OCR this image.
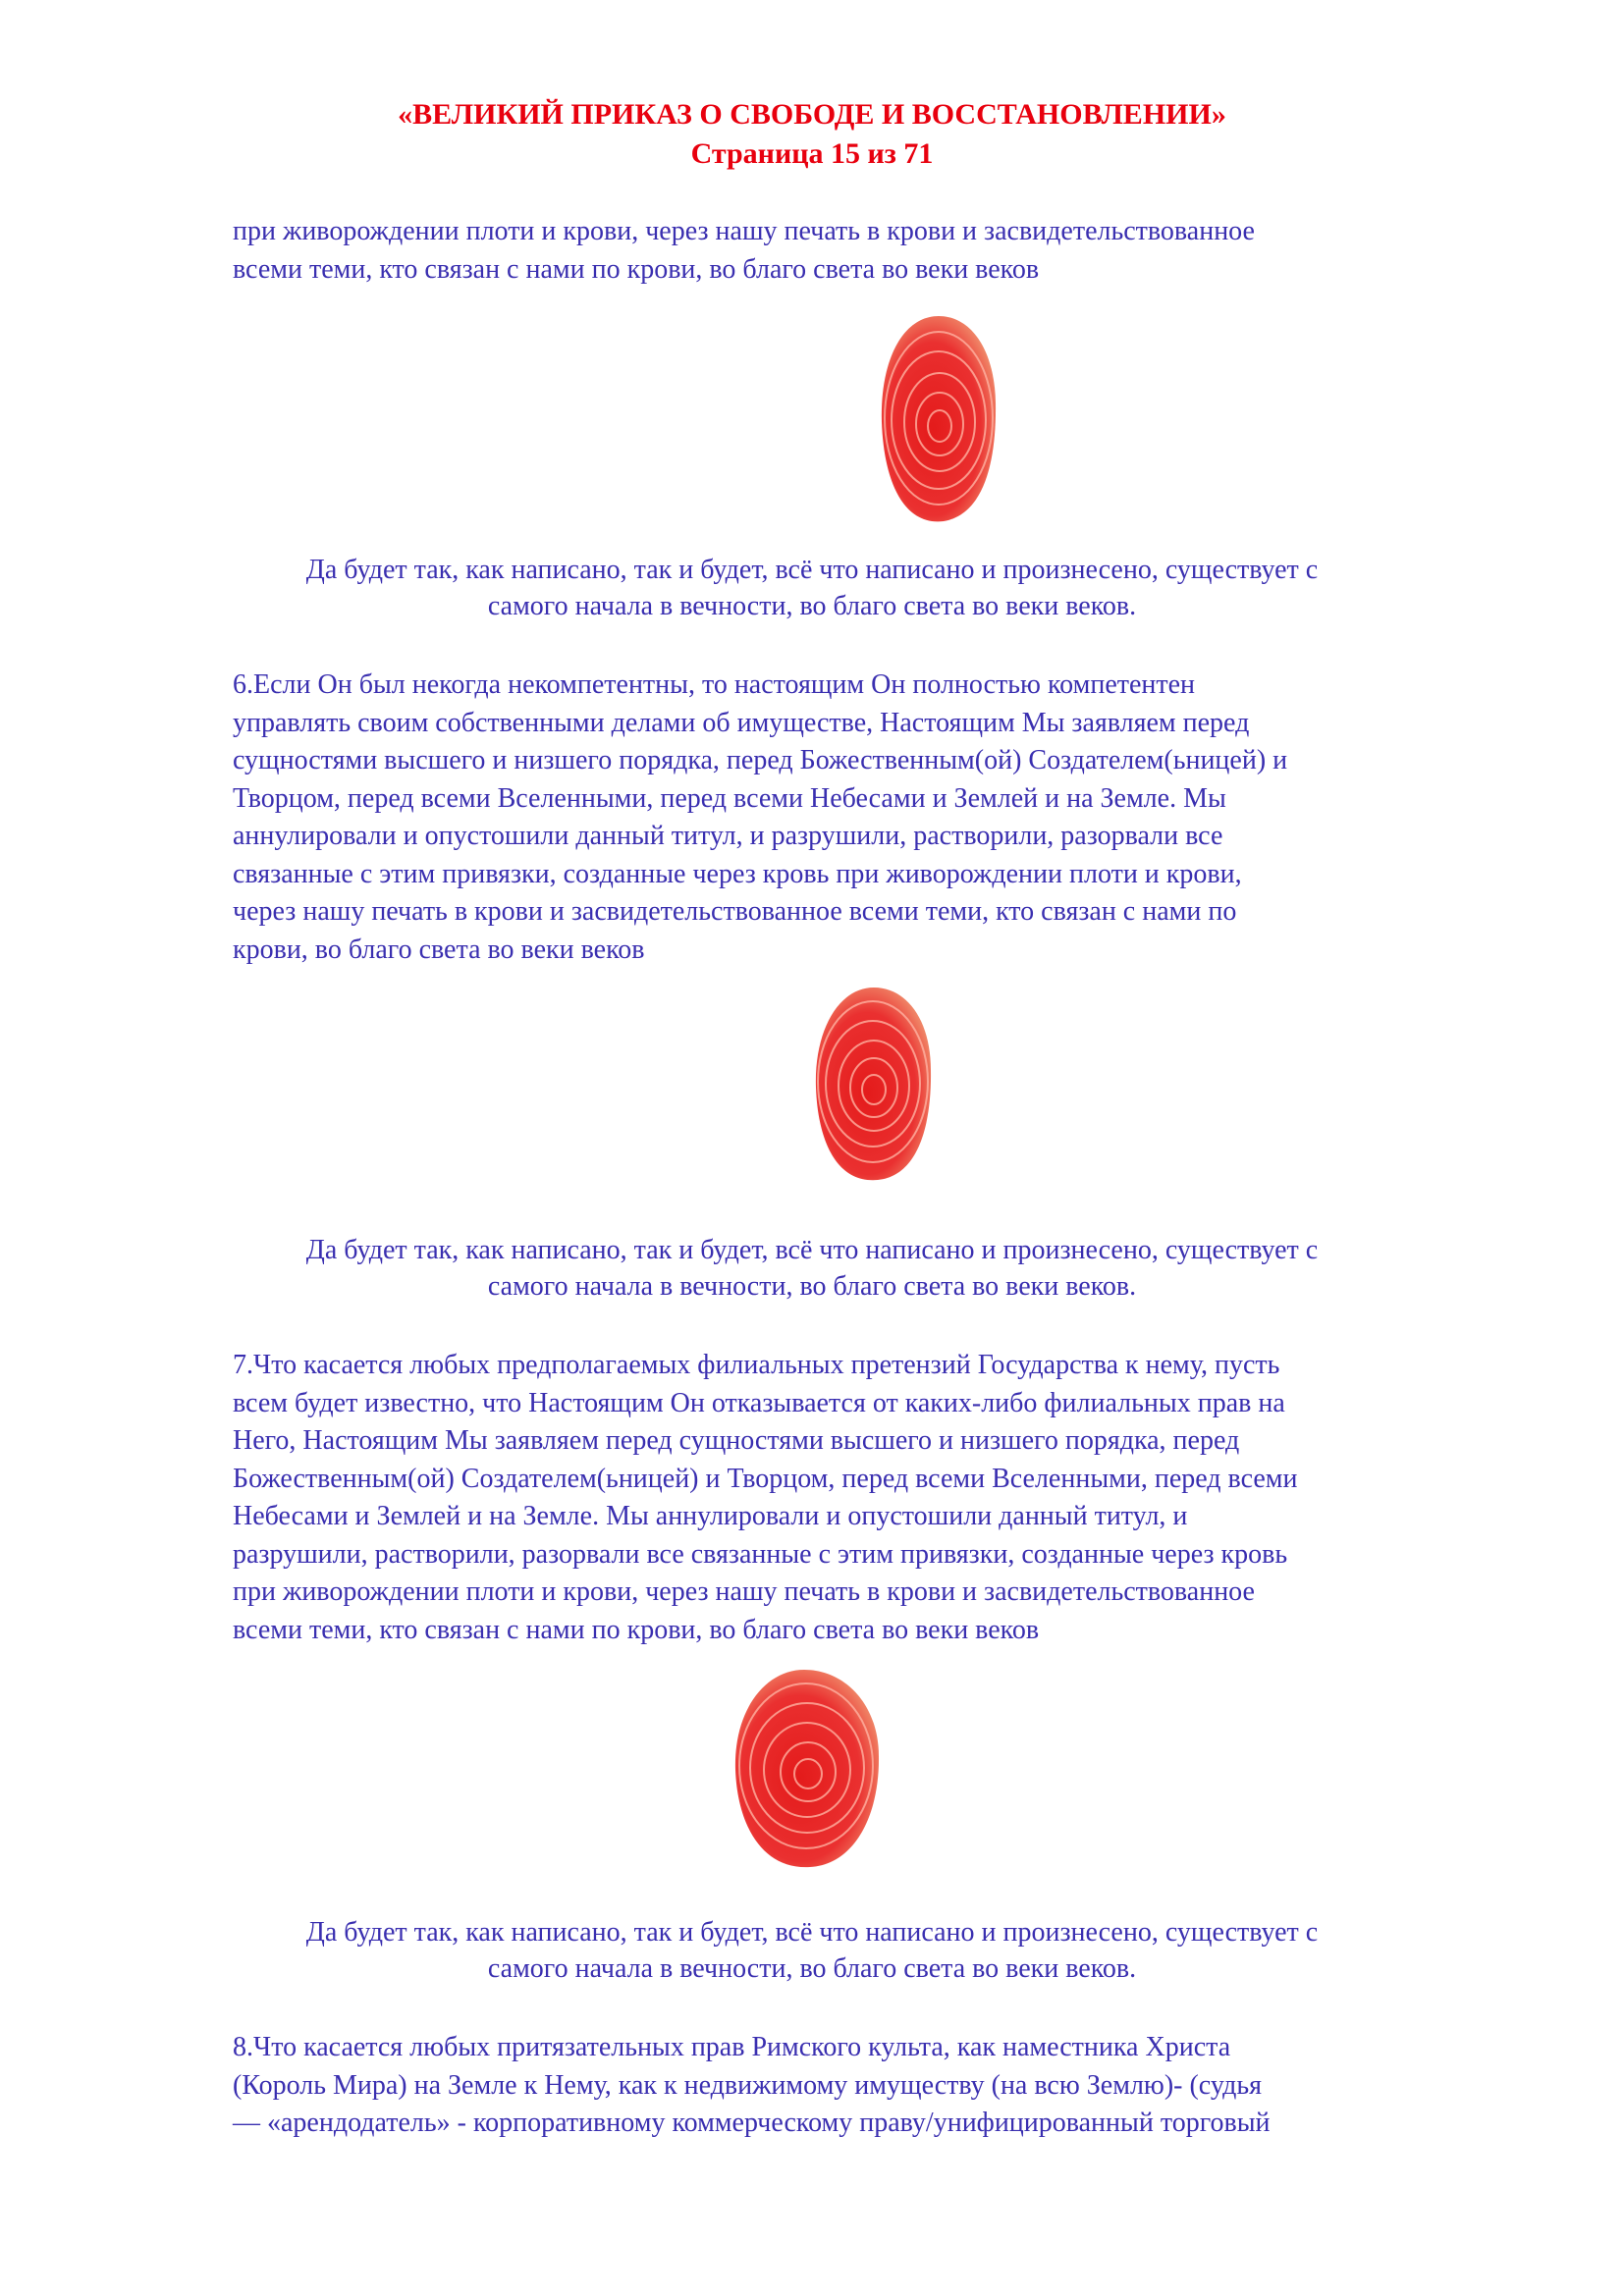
«ВЕЛИКИЙ ПРИКАЗ О СВОБОДЕ И ВОССТАНОВЛЕНИИ»
Страница 15 из 71
при живорождении плоти и крови, через нашу печать в крови и засвидетельствованное
всеми теми, кто связан с нами по крови, во благо света во веки веков
Да будет так, как написано, так и будет, всё что написано и произнесено, существует с
самого начала в вечности, во благо света во веки веков.
6.Если Он был некогда некомпетентны, то настоящим Он полностью компетентен
управлять своим собственными делами об имуществе, Настоящим Мы заявляем перед
сущностями высшего и низшего порядка, перед Божественным(ой) Создателем(ьницей) и
Творцом, перед всеми Вселенными, перед всеми Небесами и Землей и на Земле. Мы
аннулировали и опустошили данный титул, и разрушили, растворили, разорвали все
связанные с этим привязки, созданные через кровь при живорождении плоти и крови,
через нашу печать в крови и засвидетельствованное всеми теми, кто связан с нами по
крови, во благо света во веки веков
Да будет так, как написано, так и будет, всё что написано и произнесено, существует с
самого начала в вечности, во благо света во веки веков.
7.Что касается любых предполагаемых филиальных претензий Государства к нему, пусть
всем будет известно, что Настоящим Он отказывается от каких-либо филиальных прав на
Него, Настоящим Мы заявляем перед сущностями высшего и низшего порядка, перед
Божественным(ой) Создателем(ьницей) и Творцом, перед всеми Вселенными, перед всеми
Небесами и Землей и на Земле. Мы аннулировали и опустошили данный титул, и
разрушили, растворили, разорвали все связанные с этим привязки, созданные через кровь
при живорождении плоти и крови, через нашу печать в крови и засвидетельствованное
всеми теми, кто связан с нами по крови, во благо света во веки веков
Да будет так, как написано, так и будет, всё что написано и произнесено, существует с
самого начала в вечности, во благо света во веки веков.
8.Что касается любых притязательных прав Римского культа, как наместника Христа
(Король Мира) на Земле к Нему, как к недвижимому имуществу (на всю Землю)- (судья
— «арендодатель» - корпоративному коммерческому праву/унифицированный торговый
